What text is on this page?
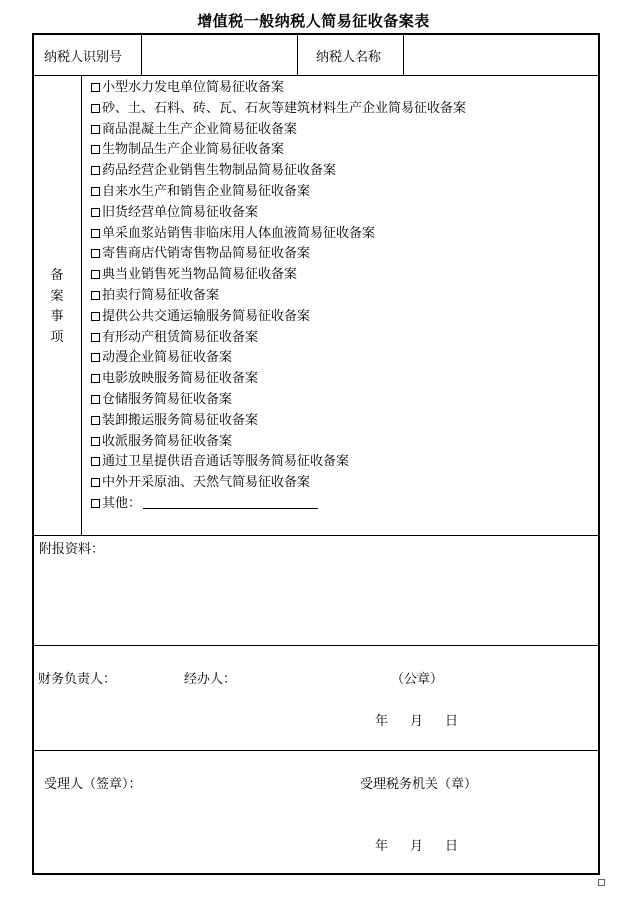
增值税一般纳税人简易征收备案表
纳税人识别号	纳税人名称
备
案
事
项
小型水力发电单位简易征收备案
砂、土、石料、砖、瓦、石灰等建筑材料生产企业简易征收备案
商品混凝土生产企业简易征收备案
生物制品生产企业简易征收备案
药品经营企业销售生物制品简易征收备案
自来水生产和销售企业简易征收备案
旧货经营单位简易征收备案
单采血浆站销售非临床用人体血液简易征收备案
寄售商店代销寄售物品简易征收备案
典当业销售死当物品简易征收备案
拍卖行简易征收备案
提供公共交通运输服务简易征收备案
有形动产租赁简易征收备案
动漫企业简易征收备案
电影放映服务简易征收备案
仓储服务简易征收备案
装卸搬运服务简易征收备案
收派服务简易征收备案
通过卫星提供语音通话等服务简易征收备案
中外开采原油、天然气简易征收备案
其他：
附报资料：
财务负责人：	经办人：	（公章）
年 月 日
受理人（签章）：	受理税务机关（章）
年 月 日
